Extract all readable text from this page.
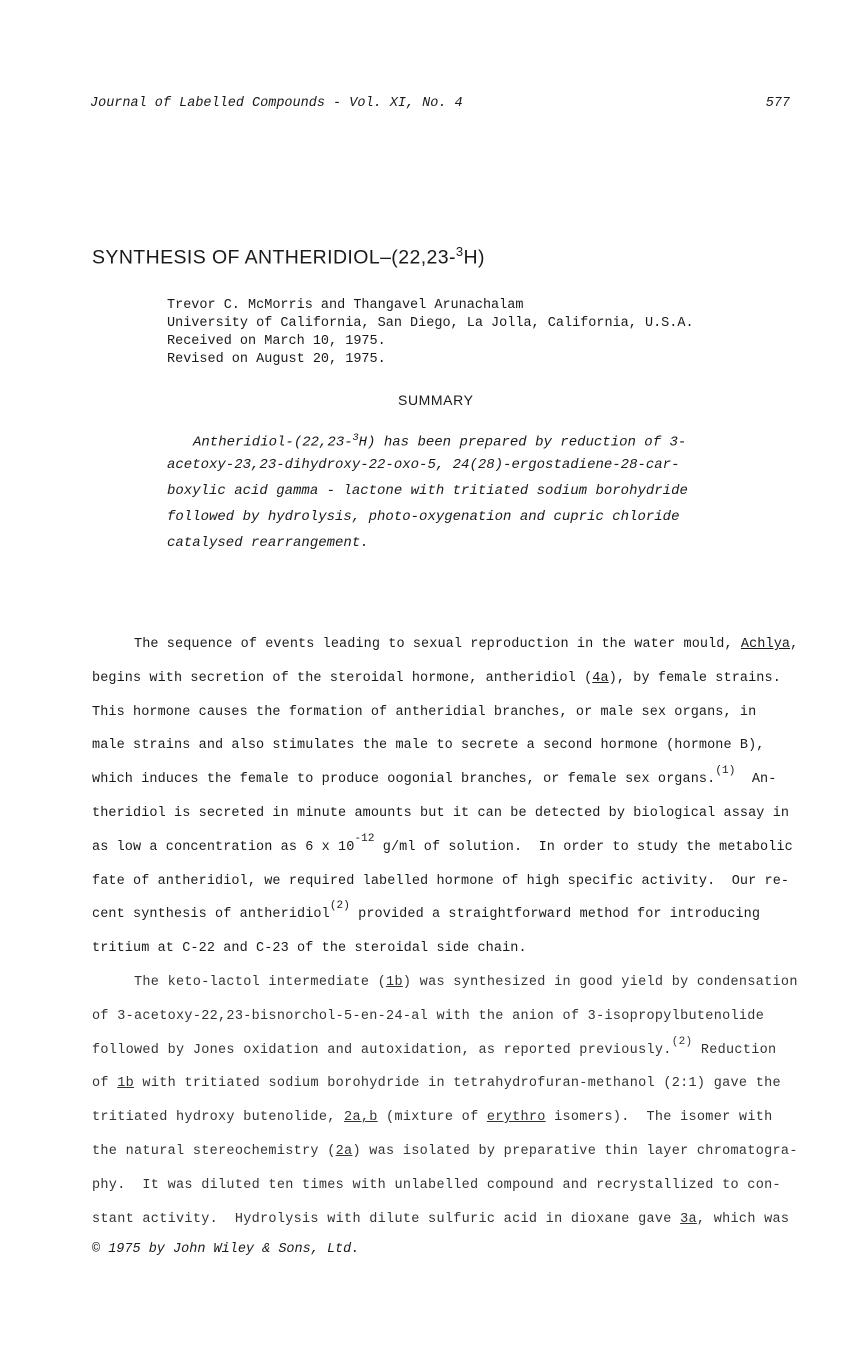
Journal of Labelled Compounds - Vol. XI, No. 4	577
SYNTHESIS OF ANTHERIDIOL–(22,23-$^3$H)
Trevor C. McMorris and Thangavel Arunachalam
University of California, San Diego, La Jolla, California, U.S.A.
Received on March 10, 1975.
Revised on August 20, 1975.
SUMMARY
Antheridiol-(22,23-$^3$H) has been prepared by reduction of 3-
acetoxy-23,23-dihydroxy-22-oxo-5, 24(28)-ergostadiene-28-car-
boxylic acid gamma - lactone with tritiated sodium borohydride
followed by hydrolysis, photo-oxygenation and cupric chloride
catalysed rearrangement.
The sequence of events leading to sexual reproduction in the water mould, Achlya,
begins with secretion of the steroidal hormone, antheridiol (4a), by female strains.
This hormone causes the formation of antheridial branches, or male sex organs, in
male strains and also stimulates the male to secrete a second hormone (hormone B),
which induces the female to produce oogonial branches, or female sex organs.$^{(1)}$  An-
theridiol is secreted in minute amounts but it can be detected by biological assay in
as low a concentration as 6 x 10$^{-12}$ g/ml of solution.  In order to study the metabolic
fate of antheridiol, we required labelled hormone of high specific activity.  Our re-
cent synthesis of antheridiol$^{(2)}$ provided a straightforward method for introducing
tritium at C-22 and C-23 of the steroidal side chain.
The keto-lactol intermediate (1b) was synthesized in good yield by condensation
of 3-acetoxy-22,23-bisnorchol-5-en-24-al with the anion of 3-isopropylbutenolide
followed by Jones oxidation and autoxidation, as reported previously.$^{(2)}$ Reduction
of 1b with tritiated sodium borohydride in tetrahydrofuran-methanol (2:1) gave the
tritiated hydroxy butenolide, 2a,b (mixture of erythro isomers).  The isomer with
the natural stereochemistry (2a) was isolated by preparative thin layer chromatogra-
phy.  It was diluted ten times with unlabelled compound and recrystallized to con-
stant activity.  Hydrolysis with dilute sulfuric acid in dioxane gave 3a, which was
© 1975 by John Wiley & Sons, Ltd.
